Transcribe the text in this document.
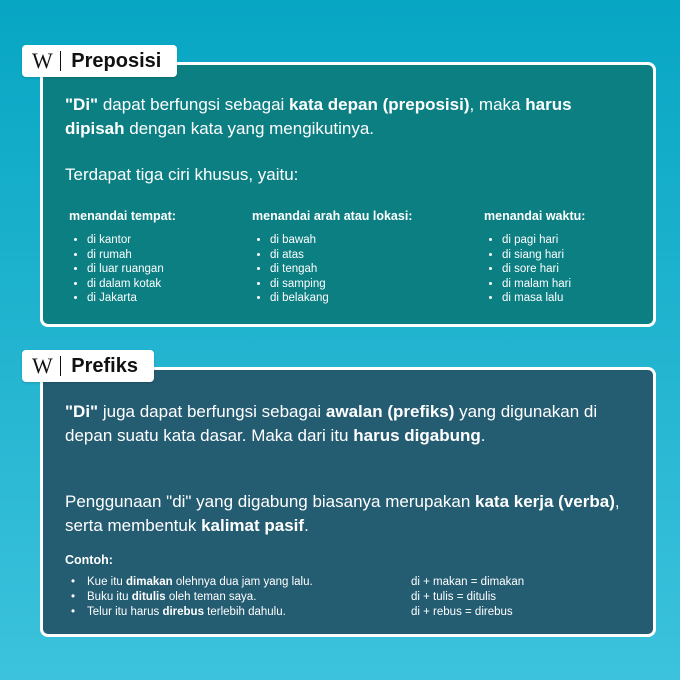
W Preposisi

"Di" dapat berfungsi sebagai kata depan (preposisi), maka harus dipisah dengan kata yang mengikutinya.

Terdapat tiga ciri khusus, yaitu:

menandai tempat:
• di kantor
• di rumah
• di luar ruangan
• di dalam kotak
• di Jakarta
menandai arah atau lokasi:
• di bawah
• di atas
• di tengah
• di samping
• di belakang
menandai waktu:
• di pagi hari
• di siang hari
• di sore hari
• di malam hari
• di masa lalu
W Prefiks

"Di" juga dapat berfungsi sebagai awalan (prefiks) yang digunakan di depan suatu kata dasar. Maka dari itu harus digabung.

Penggunaan "di" yang digabung biasanya merupakan kata kerja (verba), serta membentuk kalimat pasif.

Contoh:
• Kue itu dimakan olehnya dua jam yang lalu.	di + makan = dimakan
• Buku itu ditulis oleh teman saya.	di + tulis = ditulis
• Telur itu harus direbus terlebih dahulu.	di + rebus = direbus
